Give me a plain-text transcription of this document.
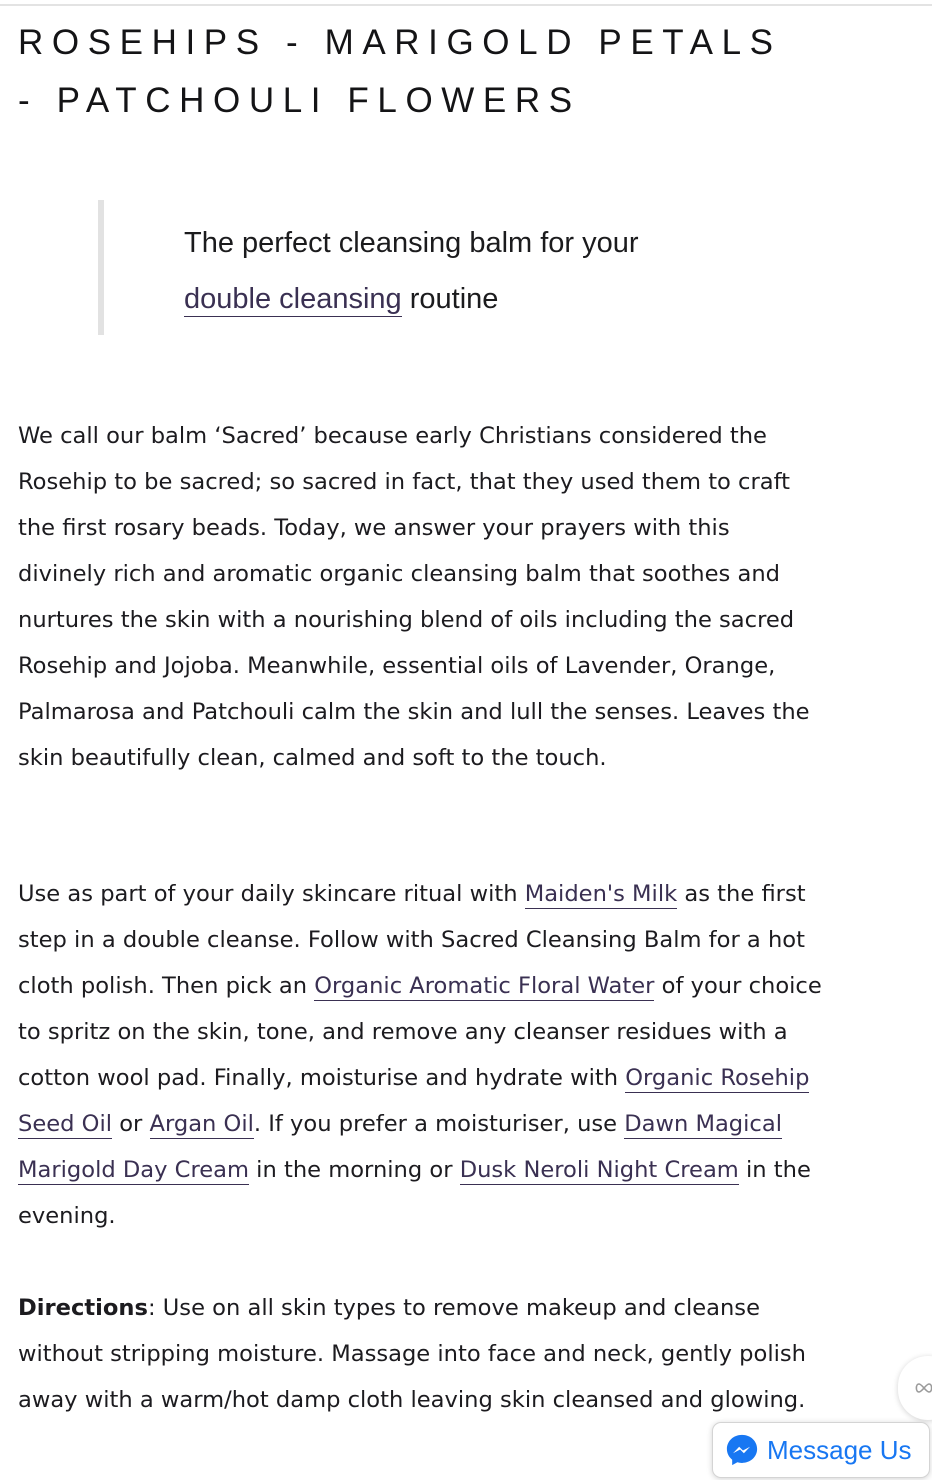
ROSEHIPS - MARIGOLD PETALS
- PATCHOULI FLOWERS
The perfect cleansing balm for your
double cleansing routine

We call our balm ‘Sacred’ because early Christians considered the Rosehip to be sacred; so sacred in fact, that they used them to craft the first rosary beads. Today, we answer your prayers with this divinely rich and aromatic organic cleansing balm that soothes and nurtures the skin with a nourishing blend of oils including the sacred Rosehip and Jojoba. Meanwhile, essential oils of Lavender, Orange, Palmarosa and Patchouli calm the skin and lull the senses. Leaves the skin beautifully clean, calmed and soft to the touch.

Use as part of your daily skincare ritual with Maiden's Milk as the first step in a double cleanse. Follow with Sacred Cleansing Balm for a hot cloth polish. Then pick an Organic Aromatic Floral Water of your choice to spritz on the skin, tone, and remove any cleanser residues with a cotton wool pad. Finally, moisturise and hydrate with Organic Rosehip Seed Oil or Argan Oil. If you prefer a moisturiser, use Dawn Magical Marigold Day Cream in the morning or Dusk Neroli Night Cream in the evening.

Directions: Use on all skin types to remove makeup and cleanse without stripping moisture. Massage into face and neck, gently polish away with a warm/hot damp cloth leaving skin cleansed and glowing.

Message Us
